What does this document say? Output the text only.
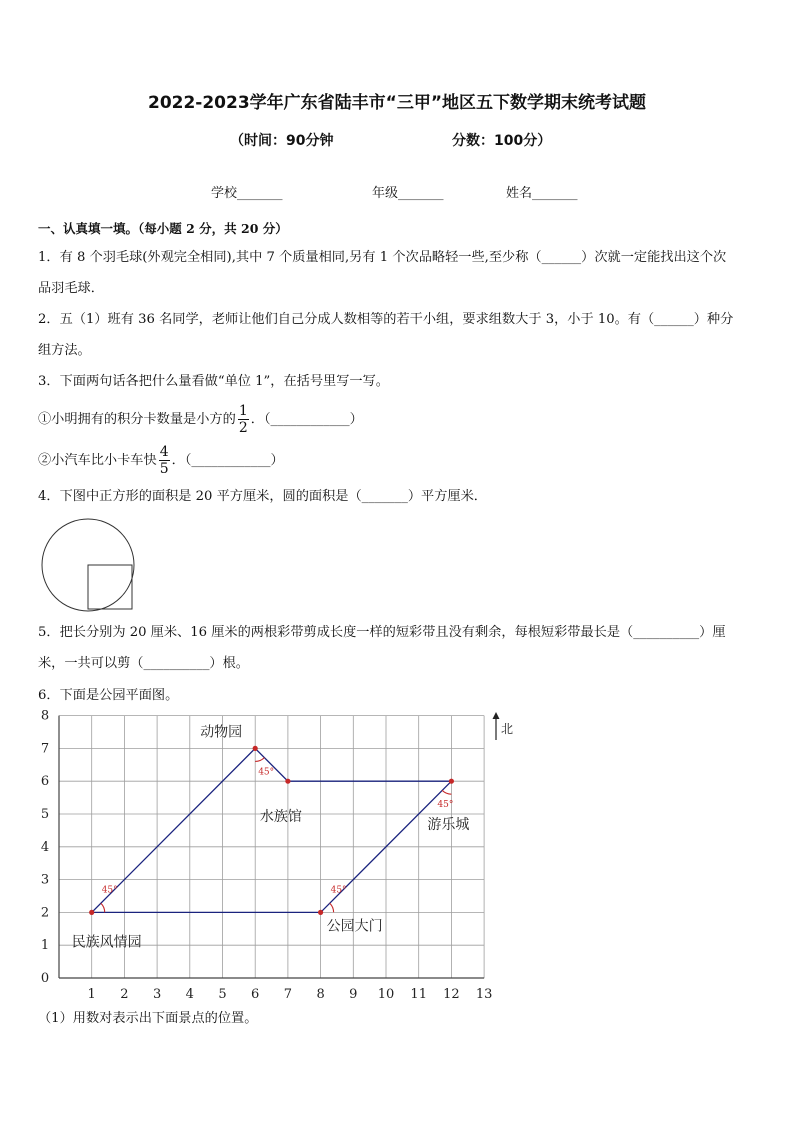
2022-2023学年广东省陆丰市“三甲”地区五下数学期末统考试题
（时间：90分钟	分数：100分）
学校_______	年级_______	姓名_______
一、认真填一填。（每小题 2 分，共 20 分）
1．有 8 个羽毛球(外观完全相同),其中 7 个质量相同,另有 1 个次品略轻一些,至少称（______）次就一定能找出这个次
品羽毛球．
2．五（1）班有 36 名同学，老师让他们自己分成人数相等的若干小组，要求组数大于 3，小于 10。有（______）种分
组方法。
3．下面两句话各把什么量看做“单位 1”，在括号里写一写。
①小明拥有的积分卡数量是小方的 $\frac{1}{2}$ ．（____________）
②小汽车比小卡车快 $\frac{4}{5}$ ．（____________）
4．下图中正方形的面积是 20 平方厘米，圆的面积是（_______）平方厘米．
5．把长分别为 20 厘米、16 厘米的两根彩带剪成长度一样的短彩带且没有剩余，每根短彩带最长是（__________）厘
米，一共可以剪（__________）根。
6．下面是公园平面图。
1 2 3 4 5 6 7 8 9 10 11 12 13
0
1
2
3
4
5
6
7
8
45°
45°
45°
45°
民族风情园
动物园
水族馆	游乐城
公园大门
北
（1）用数对表示出下面景点的位置。
